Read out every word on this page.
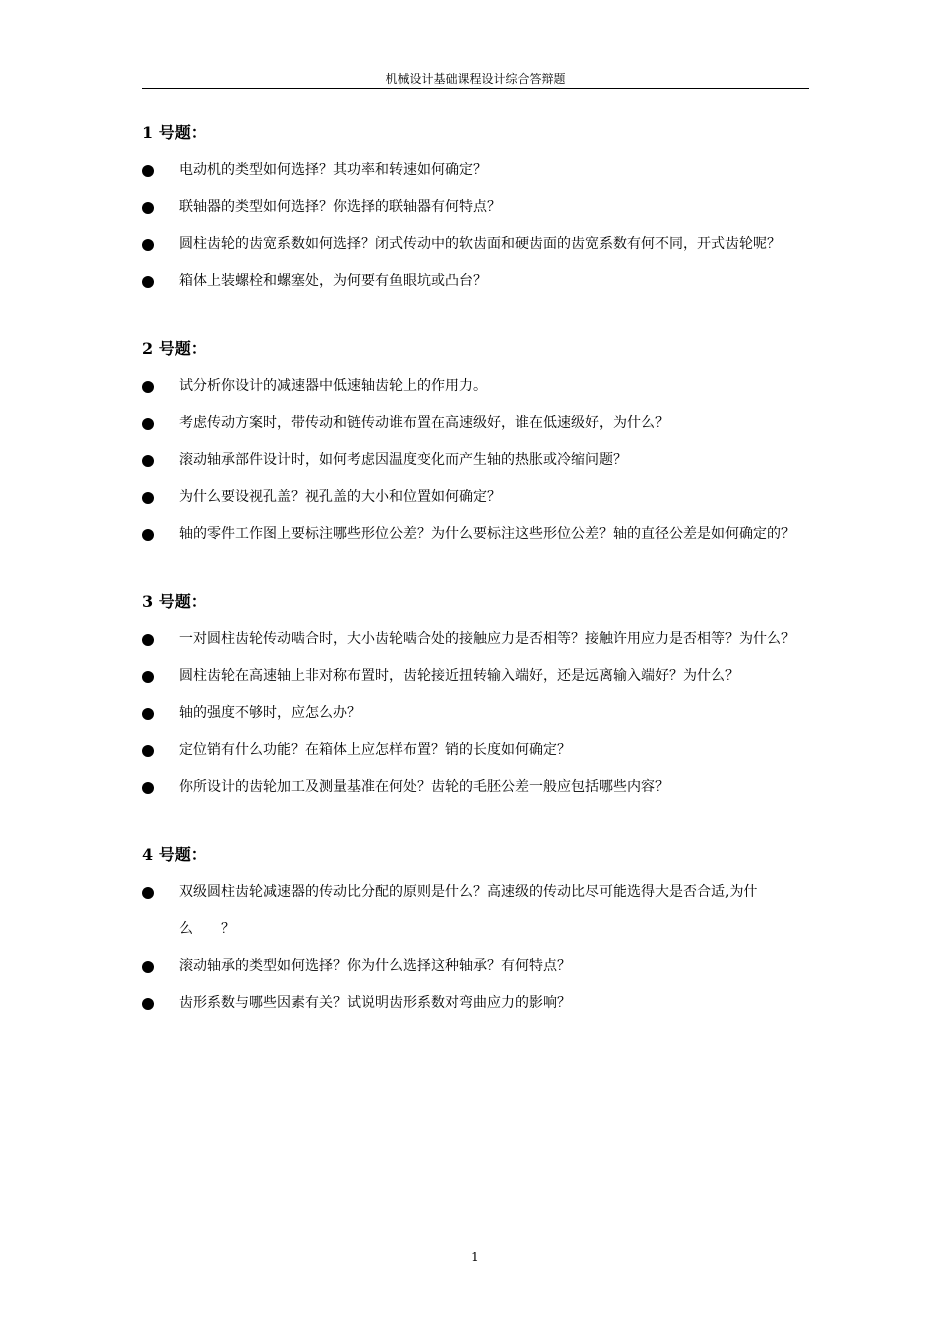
机械设计基础课程设计综合答辩题
1 号题：
电动机的类型如何选择？其功率和转速如何确定？
联轴器的类型如何选择？你选择的联轴器有何特点？
圆柱齿轮的齿宽系数如何选择？闭式传动中的软齿面和硬齿面的齿宽系数有何不同，开式齿轮呢？
箱体上装螺栓和螺塞处，为何要有鱼眼坑或凸台？
2 号题：
试分析你设计的减速器中低速轴齿轮上的作用力。
考虑传动方案时，带传动和链传动谁布置在高速级好，谁在低速级好，为什么？
滚动轴承部件设计时，如何考虑因温度变化而产生轴的热胀或冷缩问题？
为什么要设视孔盖？视孔盖的大小和位置如何确定？
轴的零件工作图上要标注哪些形位公差？为什么要标注这些形位公差？轴的直径公差是如何确定的？
3 号题：
一对圆柱齿轮传动啮合时，大小齿轮啮合处的接触应力是否相等？接触许用应力是否相等？为什么？
圆柱齿轮在高速轴上非对称布置时，齿轮接近扭转输入端好，还是远离输入端好？为什么？
轴的强度不够时，应怎么办？
定位销有什么功能？在箱体上应怎样布置？销的长度如何确定？
你所设计的齿轮加工及测量基准在何处？齿轮的毛胚公差一般应包括哪些内容？
4 号题：
双级圆柱齿轮减速器的传动比分配的原则是什么？高速级的传动比尽可能选得大是否合适,为什么　　？
滚动轴承的类型如何选择？你为什么选择这种轴承？有何特点？
齿形系数与哪些因素有关？试说明齿形系数对弯曲应力的影响？
1
